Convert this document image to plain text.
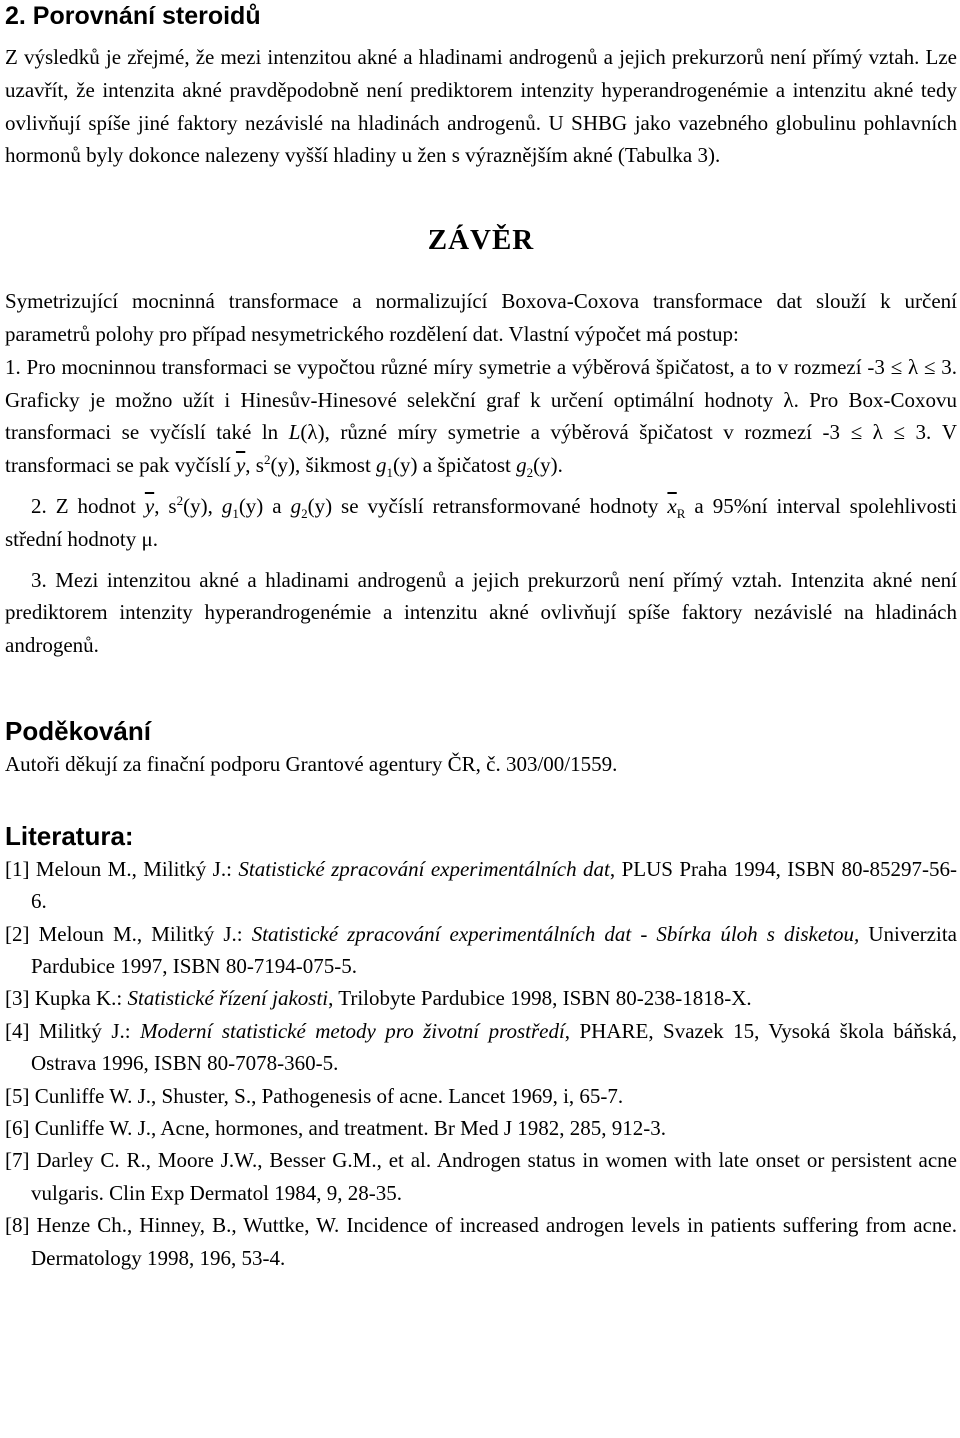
2. Porovnání steroidů

Z výsledků je zřejmé, že mezi intenzitou akné a hladinami androgenů a jejich prekurzorů není přímý vztah. Lze uzavřít, že intenzita akné pravděpodobně není prediktorem intenzity hyperandrogenémie a intenzitu akné tedy ovlivňují spíše jiné faktory nezávislé na hladinách androgenů. U SHBG jako vazebného globulinu pohlavních hormonů byly dokonce nalezeny vyšší hladiny u žen s výraznějším akné (Tabulka 3).

ZÁVĚR

Symetrizující mocninná transformace a normalizující Boxova-Coxova transformace dat slouží k určení parametrů polohy pro případ nesymetrického rozdělení dat. Vlastní výpočet má postup:

1. Pro mocninnou transformaci se vypočtou různé míry symetrie a výběrová špičatost, a to v rozmezí -3 ≤ λ ≤ 3. Graficky je možno užít i Hinesův-Hinesové selekční graf k určení optimální hodnoty λ. Pro Box-Coxovu transformaci se vyčíslí také ln L(λ), různé míry symetrie a výběrová špičatost v rozmezí -3 ≤ λ ≤ 3. V transformaci se pak vyčíslí $\overline{y}$, $s^2(y)$, šikmost $g_1(y)$ a špičatost $g_2(y)$.

2. Z hodnot $\overline{y}$, $s^2(y)$, $g_1(y)$ a $g_2(y)$ se vyčíslí retransformované hodnoty $\overline{x}_R$ a 95%ní interval spolehlivosti střední hodnoty μ.

3. Mezi intenzitou akné a hladinami androgenů a jejich prekurzorů není přímý vztah. Intenzita akné není prediktorem intenzity hyperandrogenémie a intenzitu akné ovlivňují spíše faktory nezávislé na hladinách androgenů.

Poděkování

Autoři děkují za finační podporu Grantové agentury ČR, č. 303/00/1559.

Literatura:
[1] Meloun M., Militký J.: Statistické zpracování experimentálních dat, PLUS Praha 1994, ISBN 80-85297-56-6.
[2] Meloun M., Militký J.: Statistické zpracování experimentálních dat - Sbírka úloh s disketou, Univerzita Pardubice 1997, ISBN 80-7194-075-5.
[3] Kupka K.: Statistické řízení jakosti, Trilobyte Pardubice 1998, ISBN 80-238-1818-X.
[4] Militký J.: Moderní statistické metody pro životní prostředí, PHARE, Svazek 15, Vysoká škola báňská, Ostrava 1996, ISBN 80-7078-360-5.
[5] Cunliffe W. J., Shuster, S., Pathogenesis of acne. Lancet 1969, i, 65-7.
[6] Cunliffe W. J., Acne, hormones, and treatment. Br Med J 1982, 285, 912-3.
[7] Darley C. R., Moore J.W., Besser G.M., et al. Androgen status in women with late onset or persistent acne vulgaris. Clin Exp Dermatol 1984, 9, 28-35.
[8] Henze Ch., Hinney, B., Wuttke, W. Incidence of increased androgen levels in patients suffering from acne. Dermatology 1998, 196, 53-4.
